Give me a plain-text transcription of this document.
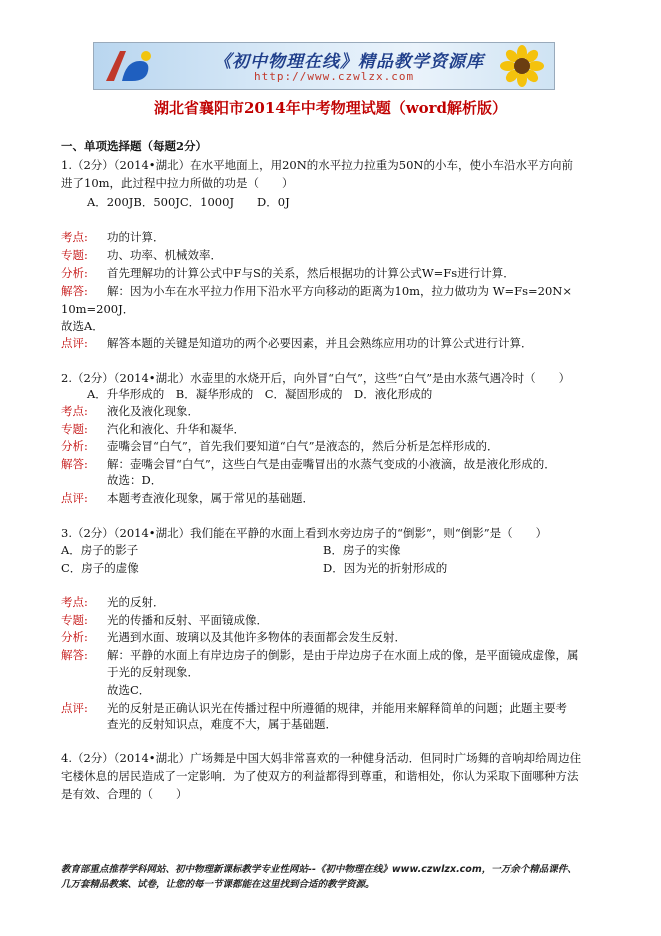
《初中物理在线》精品教学资源库
http://www.czwlzx.com
湖北省襄阳市2014年中考物理试题（word解析版）
一、单项选择题（每题2分）
1.（2分）（2014•湖北）在水平地面上，用20N的水平拉力拉重为50N的小车，使小车沿水平方向前
进了10m，此过程中拉力所做的功是（　　）
A．200JB．500JC．1000J　　D．0J
考点: 功的计算．
专题: 功、功率、机械效率．
分析: 首先理解功的计算公式中F与S的关系，然后根据功的计算公式W=Fs进行计算．
解答: 解：因为小车在水平拉力作用下沿水平方向移动的距离为10m，拉力做功为 W=Fs=20N×
10m=200J．
故选A．
点评: 解答本题的关键是知道功的两个必要因素，并且会熟练应用功的计算公式进行计算．
2.（2分）（2014•湖北）水壶里的水烧开后，向外冒“白气”，这些“白气”是由水蒸气遇冷时（　　）
A．升华形成的　B．凝华形成的　C．凝固形成的　D．液化形成的
考点: 液化及液化现象．
专题: 汽化和液化、升华和凝华．
分析: 壶嘴会冒“白气”，首先我们要知道“白气”是液态的，然后分析是怎样形成的．
解答: 解：壶嘴会冒“白气”，这些白气是由壶嘴冒出的水蒸气变成的小液滴，故是液化形成的．
故选：D．
点评: 本题考查液化现象，属于常见的基础题．
3.（2分）（2014•湖北）我们能在平静的水面上看到水旁边房子的“倒影”，则“倒影”是（　　）
A．房子的影子	B．房子的实像
C．房子的虚像	D．因为光的折射形成的
考点: 光的反射．
专题: 光的传播和反射、平面镜成像．
分析: 光遇到水面、玻璃以及其他许多物体的表面都会发生反射．
解答: 解：平静的水面上有岸边房子的倒影，是由于岸边房子在水面上成的像，是平面镜成虚像，属
于光的反射现象．
故选C．
点评: 光的反射是正确认识光在传播过程中所遵循的规律，并能用来解释简单的问题；此题主要考
查光的反射知识点，难度不大，属于基础题．
4.（2分）（2014•湖北）广场舞是中国大妈非常喜欢的一种健身活动．但同时广场舞的音响却给周边住
宅楼休息的居民造成了一定影响．为了使双方的利益都得到尊重，和谐相处，你认为采取下面哪种方法
是有效、合理的（　　）
教育部重点推荐学科网站、初中物理新课标教学专业性网站--《初中物理在线》www.czwlzx.com，一万余个精品课件、
几万套精品教案、试卷，让您的每一节课都能在这里找到合适的教学资源。
